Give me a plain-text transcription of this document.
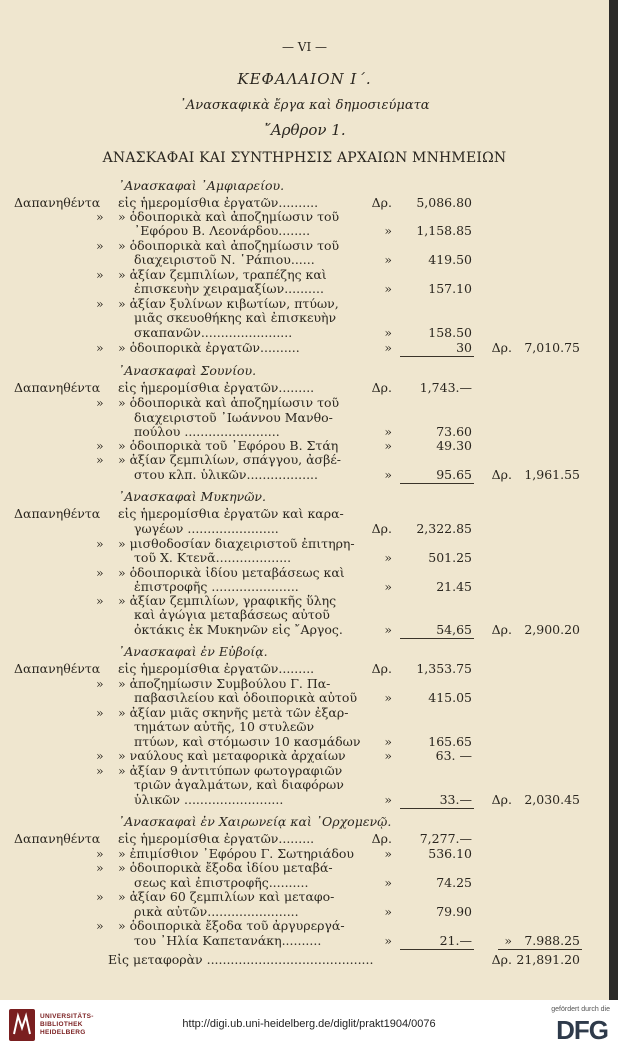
— VI —
ΚΕΦΑΛΑΙΟΝ Ι΄.
᾿Ανασκαφικὰ ἔργα καὶ δημοσιεύματα
῎Αρθρον 1.
ΑΝΑΣΚΑΦΑΙ ΚΑΙ ΣΥΝΤΗΡΗΣΙΣ ΑΡΧΑΙΩΝ ΜΝΗΜΕΙΩΝ
᾿Ανασκαφαὶ ᾿Αμφιαρείου.
Δαπανηθέντα εἰς ἡμερομίσθια ἐργατῶν..........	Δρ.	5,086.80
» » ὁδοιπορικὰ καὶ ἀποζημίωσιν τοῦ
᾿Εφόρου Β. Λεονάρδου........	»	1,158.85
» » ὁδοιπορικὰ καὶ ἀποζημίωσιν τοῦ
διαχειριστοῦ Ν. ῾Ράπιου......	»	419.50
» » ἀξίαν ζεμπιλίων, τραπέζης καὶ
ἐπισκευὴν χειραμαξίων..........	»	157.10
» » ἀξίαν ξυλίνων κιβωτίων, πτύων,
μιᾶς σκευοθήκης καὶ ἐπισκευὴν
σκαπανῶν.......................	»	158.50
» » ὁδοιπορικὰ ἐργατῶν..........	»	30	Δρ. 7,010.75
᾿Ανασκαφαὶ Σουνίου.
Δαπανηθέντα εἰς ἡμερομίσθια ἐργατῶν.........	Δρ.	1,743.—
» » ὁδοιπορικὰ καὶ ἀποζημίωσιν τοῦ
διαχειριστοῦ ᾿Ιωάννου Μανθο-
πούλου ........................	»	73.60
» » ὁδοιπορικὰ τοῦ ᾿Εφόρου Β. Στάη	»	49.30
» » ἀξίαν ζεμπιλίων, σπάγγου, ἀσβέ-
στου κλπ. ὑλικῶν..................	»	95.65	Δρ. 1,961.55
᾿Ανασκαφαὶ Μυκηνῶν.
Δαπανηθέντα εἰς ἡμερομίσθια ἐργατῶν καὶ καρα-
γωγέων .......................	Δρ.	2,322.85
» » μισθοδοσίαν διαχειριστοῦ ἐπιτηρη-
τοῦ Χ. Κτενᾶ...................	»	501.25
» » ὁδοιπορικὰ ἰδίου μεταβάσεως καὶ
ἐπιστροφῆς ......................	»	21.45
» » ἀξίαν ζεμπιλίων, γραφικῆς ὕλης
καὶ ἀγώγια μεταβάσεως αὐτοῦ
ὀκτάκις ἐκ Μυκηνῶν εἰς ῎Αργος.	»	54,65	Δρ. 2,900.20
᾿Ανασκαφαὶ ἐν Εὐβοίᾳ.
Δαπανηθέντα εἰς ἡμερομίσθια ἐργατῶν.........	Δρ.	1,353.75
» » ἀποζημίωσιν Συμβούλου Γ. Πα-
παβασιλείου καὶ ὁδοιπορικὰ αὐτοῦ	»	415.05
» » ἀξίαν μιᾶς σκηνῆς μετὰ τῶν ἐξαρ-
τημάτων αὐτῆς, 10 στυλεῶν
πτύων, καὶ στόμωσιν 10 κασμάδων	»	165.65
» » ναύλους καὶ μεταφορικὰ ἀρχαίων	»	63. —
» » ἀξίαν 9 ἀντιτύπων φωτογραφιῶν
τριῶν ἀγαλμάτων, καὶ διαφόρων
ὑλικῶν .........................	»	33.—	Δρ. 2,030.45
᾿Ανασκαφαὶ ἐν Χαιρωνείᾳ καὶ ᾿Ορχομενῷ.
Δαπανηθέντα εἰς ἡμερομίσθια ἐργατῶν.........	Δρ.	7,277.—
» » ἐπιμίσθιον ᾿Εφόρου Γ. Σωτηριάδου	»	536.10
» » ὁδοιπορικὰ ἔξοδα ἰδίου μεταβά-
σεως καὶ ἐπιστροφῆς..........	»	74.25
» » ἀξίαν 60 ζεμπιλίων καὶ μεταφο-
ρικὰ αὐτῶν.......................	»	79.90
» » ὁδοιπορικὰ ἔξοδα τοῦ ἀργυρεργά-
του ᾿Ηλία Καπετανάκη..........	»	21.—	» 7.988.25
Εἰς μεταφορὰν ..........................................	Δρ. 21,891.20
UNIVERSITÄTS-
BIBLIOTHEK
HEIDELBERG
http://digi.ub.uni-heidelberg.de/diglit/prakt1904/0076
gefördert durch die
DFG
